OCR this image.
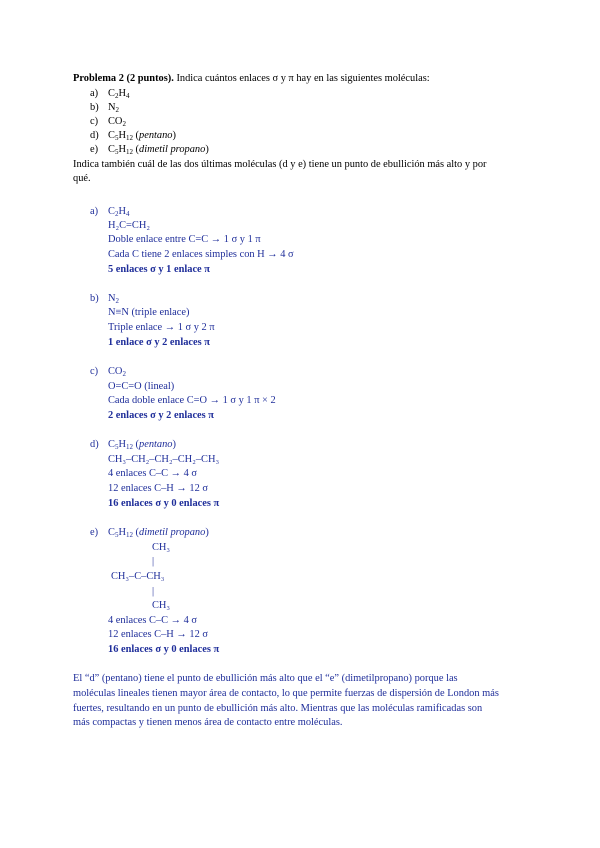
Problema 2 (2 puntos). Indica cuántos enlaces σ y π hay en las siguientes moléculas:
a) $C_2H_4$
b) $N_2$
c) $CO_2$
d) $C_5H_{12}$ (pentano)
e) $C_5H_{12}$ (dimetil propano)
Indica también cuál de las dos últimas moléculas (d y e) tiene un punto de ebullición más alto y por
qué.
a) $C_2H_4$
H₂C=CH₂
Doble enlace entre C=C → 1 σ y 1 π
Cada C tiene 2 enlaces simples con H → 4 σ
5 enlaces σ y 1 enlace π
b) $N_2$
N≡N (triple enlace)
Triple enlace → 1 σ y 2 π
1 enlace σ y 2 enlaces π
c) $CO_2$
O=C=O (lineal)
Cada doble enlace C=O → 1 σ y 1 π × 2
2 enlaces σ y 2 enlaces π
d) $C_5H_{12}$ (pentano)
CH₃–CH₂–CH₂–CH₂–CH₃
4 enlaces C–C → 4 σ
12 enlaces C–H → 12 σ
16 enlaces σ y 0 enlaces π
e) $C_5H_{12}$ (dimetil propano)
CH₃
|
CH₃–C–CH₃
|
CH₃
4 enlaces C–C → 4 σ
12 enlaces C–H → 12 σ
16 enlaces σ y 0 enlaces π
El “d” (pentano) tiene el punto de ebullición más alto que el “e” (dimetilpropano) porque las
moléculas lineales tienen mayor área de contacto, lo que permite fuerzas de dispersión de London más
fuertes, resultando en un punto de ebullición más alto. Mientras que las moléculas ramificadas son
más compactas y tienen menos área de contacto entre moléculas.
